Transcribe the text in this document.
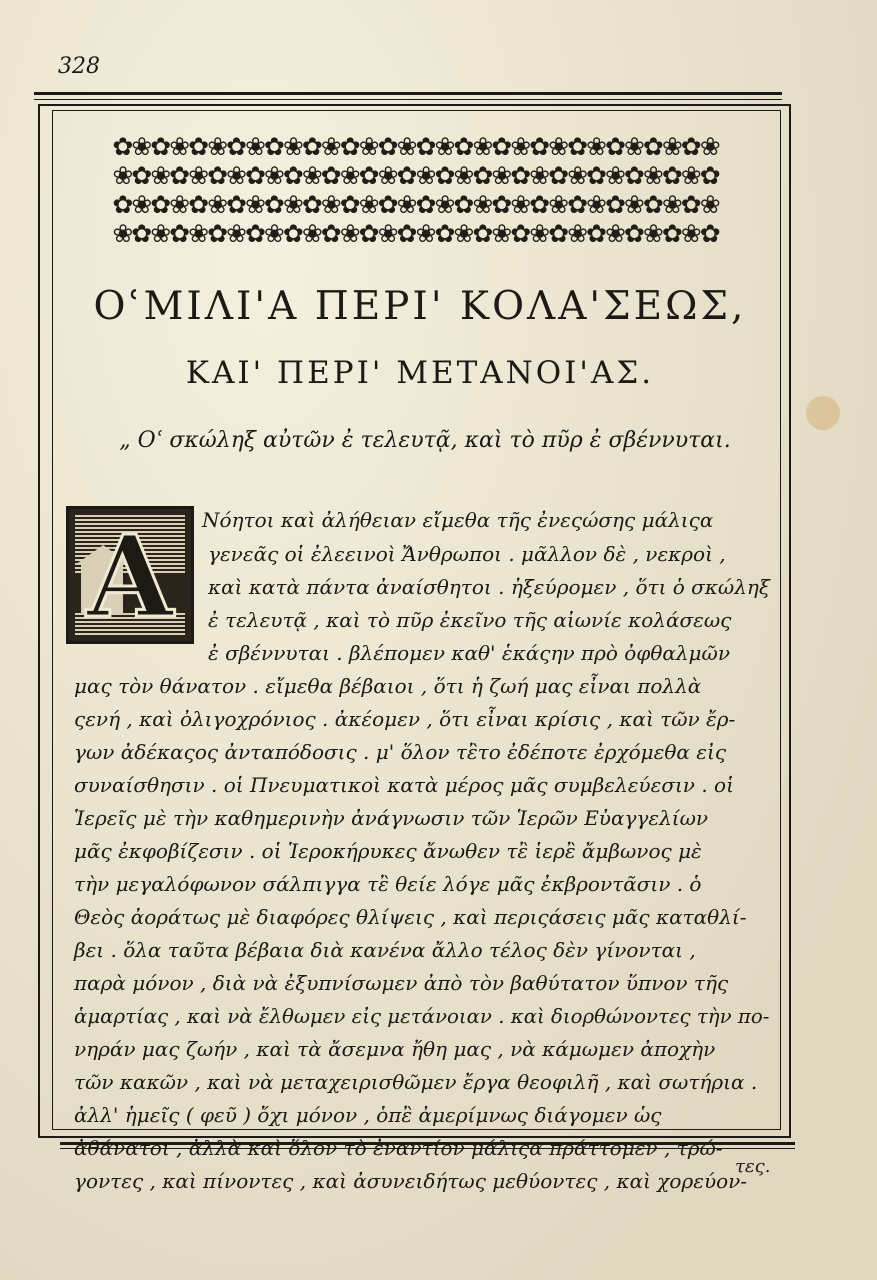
328
✿❀✿❀✿❀✿❀✿❀✿❀✿❀✿❀✿❀✿❀✿❀✿❀✿❀✿❀✿❀✿❀
❀✿❀✿❀✿❀✿❀✿❀✿❀✿❀✿❀✿❀✿❀✿❀✿❀✿❀✿❀✿❀✿
✿❀✿❀✿❀✿❀✿❀✿❀✿❀✿❀✿❀✿❀✿❀✿❀✿❀✿❀✿❀✿❀
❀✿❀✿❀✿❀✿❀✿❀✿❀✿❀✿❀✿❀✿❀✿❀✿❀✿❀✿❀✿❀✿
ΟʿΜΙΛΙ'Α ΠΕΡΙ' ΚΟΛΑ'ΣΕΩΣ,
ΚΑΙ' ΠΕΡΙ' ΜΕΤΑΝΟΙ'ΑΣ.
„ Οʿ σκώληξ αὐτῶν ἐ τελευτᾷ, καὶ τὸ πῦρ ἐ σβέννυται.
A	Νόητοι καὶ ἀλήθειαν εἴμεθα τῆς ἐνεςώσης μάλιςα
γενεᾶς οἱ ἐλεεινοὶ Ἄνθρωποι . μᾶλλον δὲ , νεκροὶ ,
καὶ κατὰ πάντα ἀναίσθητοι . ἠξεύρομεν , ὅτι ὁ σκώληξ
ἐ τελευτᾷ , καὶ τὸ πῦρ ἐκεῖνο τῆς αἰωνίε κολάσεως
ἐ σβέννυται . βλέπομεν καθ' ἑκάςην πρὸ ὀφθαλμῶν
μας τὸν θάνατον . εἴμεθα βέβαιοι , ὅτι ἡ ζωή μας εἶναι πολλὰ
ςενή , καὶ ὀλιγοχρόνιος . ἀκέομεν , ὅτι εἶναι κρίσις , καὶ τῶν ἔρ-
γων ἀδέκαςος ἀνταπόδοσις . μ' ὅλον τἒτο ἐδέποτε ἐρχόμεθα εἰς
συναίσθησιν . οἱ Πνευματικοὶ κατὰ μέρος μᾶς συμβελεύεσιν . οἱ
Ἱερεῖς μὲ τὴν καθημερινὴν ἀνάγνωσιν τῶν Ἱερῶν Εὐαγγελίων
μᾶς ἐκφοβίζεσιν . οἱ Ἱεροκήρυκες ἄνωθεν τἒ ἱερἒ ἄμβωνος μὲ
τὴν μεγαλόφωνον σάλπιγγα τἒ θείε λόγε μᾶς ἐκβροντᾶσιν . ὁ
Θεὸς ἀοράτως μὲ διαφόρες θλίψεις , καὶ περιςάσεις μᾶς καταθλί-
βει . ὅλα ταῦτα βέβαια διὰ κανένα ἄλλο τέλος δὲν γίνονται ,
παρὰ μόνον , διὰ νὰ ἐξυπνίσωμεν ἀπὸ τὸν βαθύτατον ὕπνον τῆς
ἁμαρτίας , καὶ νὰ ἔλθωμεν εἰς μετάνοιαν . καὶ διορθώνοντες τὴν πο-
νηράν μας ζωήν , καὶ τὰ ἄσεμνα ἤθη μας , νὰ κάμωμεν ἀποχὴν
τῶν κακῶν , καὶ νὰ μεταχειρισθῶμεν ἔργα θεοφιλῆ , καὶ σωτήρια .
ἀλλ' ἡμεῖς ( φεῦ ) ὄχι μόνον , ὁπἒ ἀμερίμνως διάγομεν ὡς
ἀθάνατοι , ἀλλὰ καὶ ὅλον τὸ ἐναντίον μάλιςα πράττομεν , τρώ-
γοντες , καὶ πίνοντες , καὶ ἀσυνειδήτως μεθύοντες , καὶ χορεύον-
τες.
